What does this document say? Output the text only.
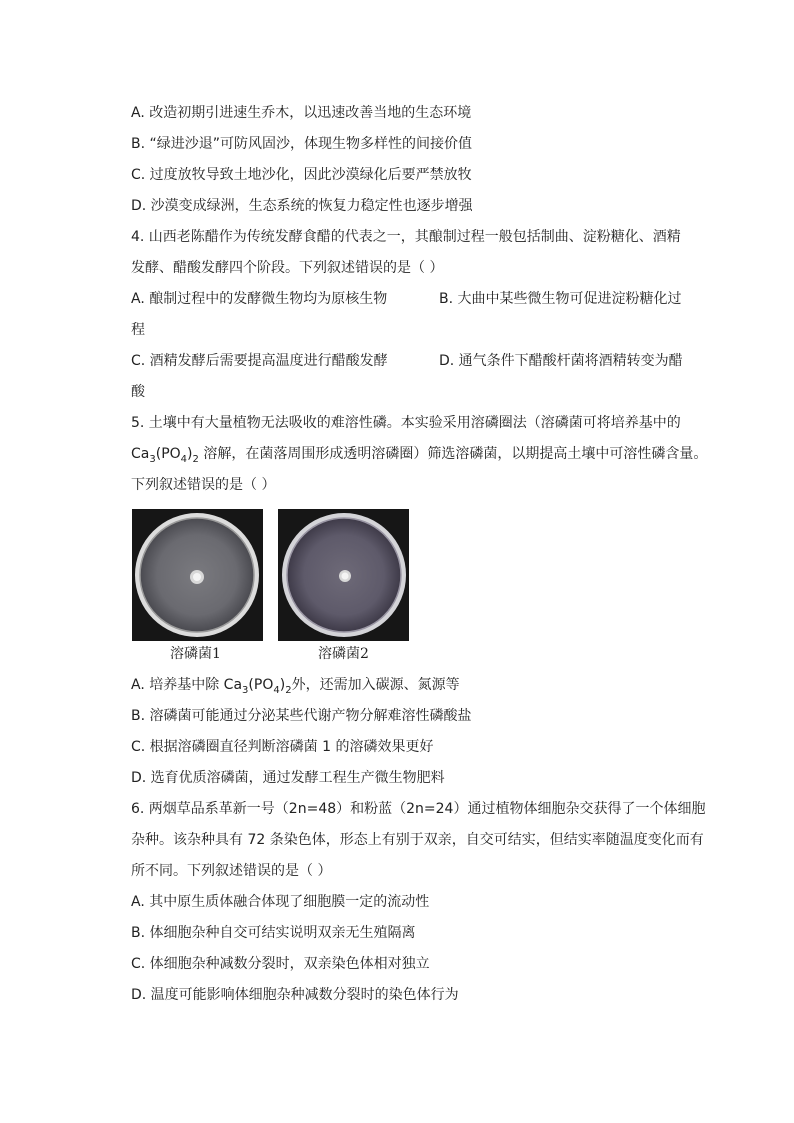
A. 改造初期引进速生乔木，以迅速改善当地的生态环境
B. “绿进沙退”可防风固沙，体现生物多样性的间接价值
C. 过度放牧导致土地沙化，因此沙漠绿化后要严禁放牧
D. 沙漠变成绿洲，生态系统的恢复力稳定性也逐步增强
4. 山西老陈醋作为传统发酵食醋的代表之一，其酿制过程一般包括制曲、淀粉糖化、酒精
发酵、醋酸发酵四个阶段。下列叙述错误的是（ ）
A. 酿制过程中的发酵微生物均为原核生物	B. 大曲中某些微生物可促进淀粉糖化过
程
C. 酒精发酵后需要提高温度进行醋酸发酵	D. 通气条件下醋酸杆菌将酒精转变为醋
酸
5. 土壤中有大量植物无法吸收的难溶性磷。本实验采用溶磷圈法（溶磷菌可将培养基中的
$Ca_3(PO_4)_2$ 溶解，在菌落周围形成透明溶磷圈）筛选溶磷菌，以期提高土壤中可溶性磷含量。
下列叙述错误的是（ ）
溶磷菌1	溶磷菌2
A. 培养基中除 $Ca_3(PO_4)_2$外，还需加入碳源、氮源等
B. 溶磷菌可能通过分泌某些代谢产物分解难溶性磷酸盐
C. 根据溶磷圈直径判断溶磷菌 1 的溶磷效果更好
D. 选育优质溶磷菌，通过发酵工程生产微生物肥料
6. 两烟草品系革新一号（2n=48）和粉蓝（2n=24）通过植物体细胞杂交获得了一个体细胞
杂种。该杂种具有 72 条染色体，形态上有别于双亲，自交可结实，但结实率随温度变化而有
所不同。下列叙述错误的是（ ）
A. 其中原生质体融合体现了细胞膜一定的流动性
B. 体细胞杂种自交可结实说明双亲无生殖隔离
C. 体细胞杂种减数分裂时，双亲染色体相对独立
D. 温度可能影响体细胞杂种减数分裂时的染色体行为
